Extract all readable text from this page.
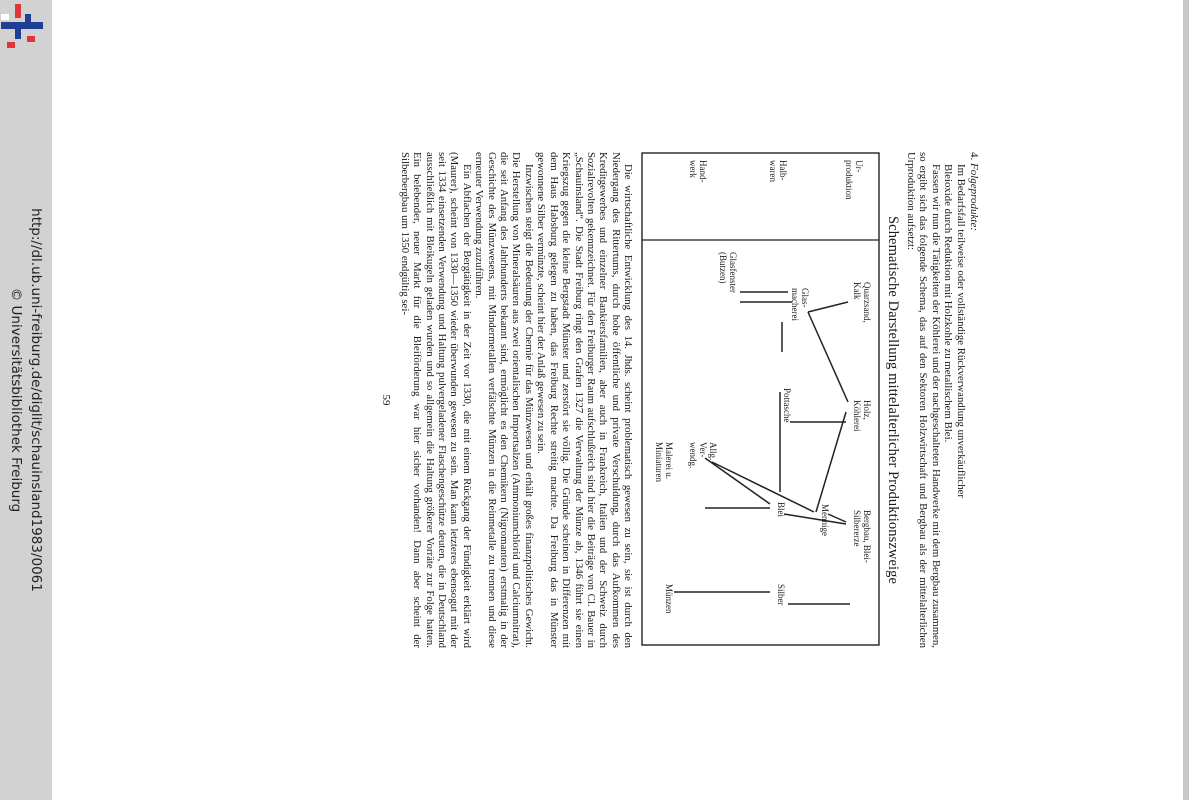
http://dl.ub.uni-freiburg.de/diglit/schauinsland1983/0061
© Universitätsbibliothek Freiburg

4. Folgeprodukte:

Im Bedarfsfall teilweise oder vollständige Rückverwandlung unverkäuflicher

Bleioxide durch Reduktion mit Holzkohle zu metallischem Blei.

Fassen wir nun die Tätigkeiten der Köhlerei und der nachgeschalteten Handwerke mit dem Bergbau zusammen, so ergibt sich das folgende Schema, das auf den Sektoren Holzwirtschaft und Bergbau als der mittelalterlichen Urproduktion aufsetzt:

Schematische Darstellung mittelalterlicher Produktionszweige
Ur-produktion
Halb-waren
Hand-werk
Quarzsand,Kalk
Holz,Köhlerei
Bergbau, Blei-Silbererze
Glas-macherei
Pottasche
Mennige
Blei
Silber
Glasfenster(Butzen)
Allg.Ver-wendg.
Malerei u.Miniaturen
Münzen

Die wirtschaftliche Entwicklung des 14. Jhds. scheint problematisch gewesen zu sein, sie ist durch den Niedergang des Rittertums, durch hohe öffentliche und private Verschuldung, durch das Aufkommen des Kreditgewerbes und einzelner Bankiersfamilien, aber auch in Frankreich, Italien und der Schweiz durch Sozialrevolten gekennzeichnet. Für den Freiburger Raum aufschlußreich sind hier die Beiträge von Cl. Bauer in „Schauinsland“. Die Stadt Freiburg ringt den Grafen 1327 die Verwaltung der Münze ab, 1346 führt sie einen Kriegszug gegen die kleine Bergstadt Münster und zerstört sie völlig. Die Gründe scheinen in Differenzen mit dem Haus Habsburg gelegen zu haben, das Freiburg Rechte streitig machte. Da Freiburg das in Münster gewonnene Silber vermünzte, scheint hier der Anlaß gewesen zu sein.

Inzwischen steigt die Bedeutung der Chemie für das Münzwesen und erhält großes finanzpolitisches Gewicht. Die Herstellung von Mineralsäuren aus zwei orientalischen Importsalzen (Ammoniumchlorid und Calciumnitrat), die seit Anfang des Jahrhunderts bekannt sind, ermöglicht es den Chemikern (Nigromanten) erstmalig in der Geschichte des Münzwesens, mit Mindermetallen verfälschte Münzen in die Reinmetalle zu trennen und diese erneuter Verwendung zuzuführen.

Ein Abflachen der Bergtätigkeit in der Zeit vor 1330, die mit einem Rückgang der Fündigkeit erklärt wird (Maurer), scheint von 1330—1350 wieder überwunden gewesen zu sein. Man kann letzteres ebensogut mit der seit 1334 einsetzenden Verwendung und Haltung pulvergeladener Flaschengeschütze deuten, die in Deutschland ausschließlich mit Bleikugeln geladen wurden und so allgemein die Haltung größerer Vorräte zur Folge hatten. Ein belebender, neuer Markt für die Bleiförderung war hier sicher vorhanden! Dann aber scheint der Silberbergbau um 1350 endgültig sei-

59
